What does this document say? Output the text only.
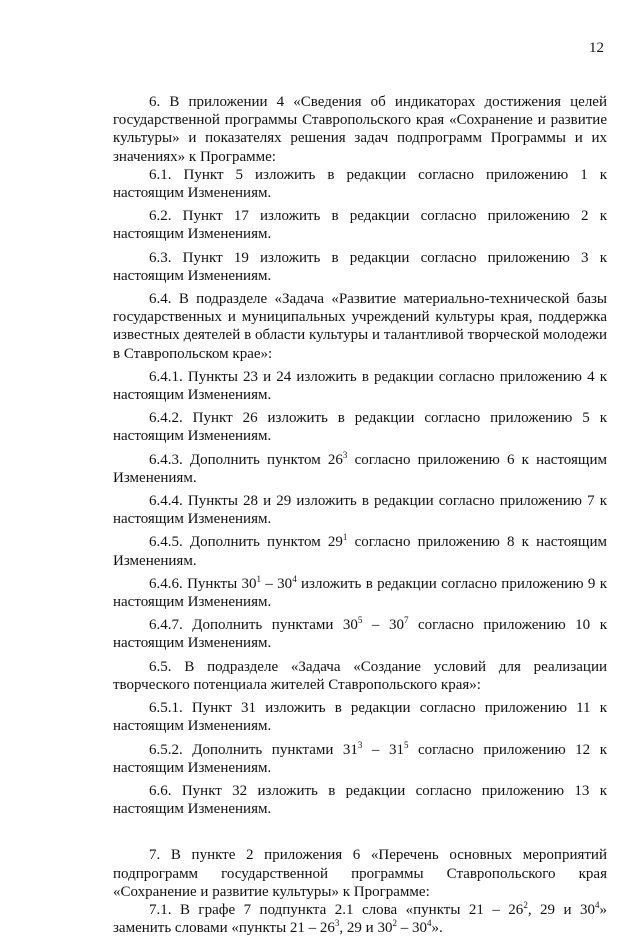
12

6. В приложении 4 «Сведения об индикаторах достижения целей государственной программы Ставропольского края «Сохранение и развитие культуры» и показателях решения задач подпрограмм Программы и их значениях» к Программе:

6.1. Пункт 5 изложить в редакции согласно приложению 1 к настоящим Изменениям.

6.2. Пункт 17 изложить в редакции согласно приложению 2 к настоящим Изменениям.

6.3. Пункт 19 изложить в редакции согласно приложению 3 к настоящим Изменениям.

6.4. В подразделе «Задача «Развитие материально-технической базы государственных и муниципальных учреждений культуры края, поддержка известных деятелей в области культуры и талантливой творческой молодежи в Ставропольском крае»:

6.4.1. Пункты 23 и 24 изложить в редакции согласно приложению 4 к настоящим Изменениям.

6.4.2. Пункт 26 изложить в редакции согласно приложению 5 к настоящим Изменениям.

6.4.3. Дополнить пунктом $26^3$ согласно приложению 6 к настоящим Изменениям.

6.4.4. Пункты 28 и 29 изложить в редакции согласно приложению 7 к настоящим Изменениям.

6.4.5. Дополнить пунктом $29^1$ согласно приложению 8 к настоящим Изменениям.

6.4.6. Пункты $30^1 - 30^4$ изложить в редакции согласно приложению 9 к настоящим Изменениям.

6.4.7. Дополнить пунктами $30^5 - 30^7$ согласно приложению 10 к настоящим Изменениям.

6.5. В подразделе «Задача «Создание условий для реализации творческого потенциала жителей Ставропольского края»:

6.5.1. Пункт 31 изложить в редакции согласно приложению 11 к настоящим Изменениям.

6.5.2. Дополнить пунктами $31^3 - 31^5$ согласно приложению 12 к настоящим Изменениям.

6.6. Пункт 32 изложить в редакции согласно приложению 13 к настоящим Изменениям.

7. В пункте 2 приложения 6 «Перечень основных мероприятий подпрограмм государственной программы Ставропольского края «Сохранение и развитие культуры» к Программе:

7.1. В графе 7 подпункта 2.1 слова «пункты $21 - 26^2$, 29 и $30^4$» заменить словами «пункты $21 - 26^3$, 29 и $30^2 - 30^4$».
